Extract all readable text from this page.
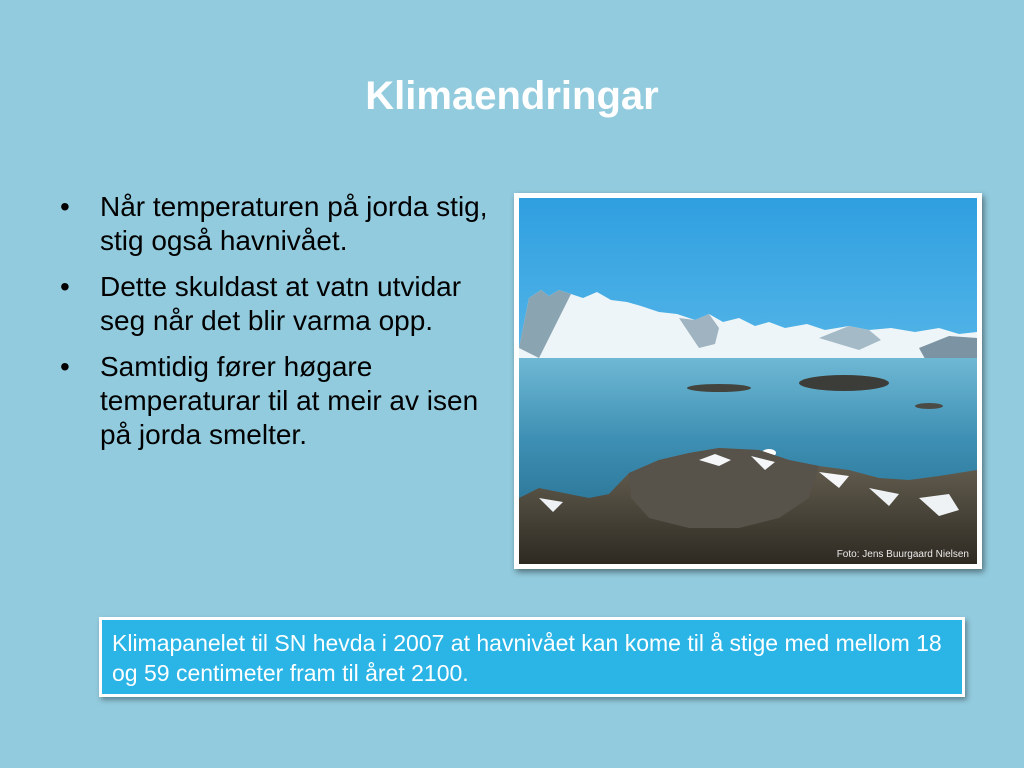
Klimaendringar
•	Når temperaturen på jorda stig, stig også havnivået.
•	Dette skuldast at vatn utvidar seg når det blir varma opp.
•	Samtidig fører høgare temperaturar til at meir av isen på jorda smelter.
Foto: Jens Buurgaard Nielsen
Klimapanelet til SN hevda i 2007 at havnivået kan kome til å stige med mellom 18 og 59 centimeter fram til året 2100.
